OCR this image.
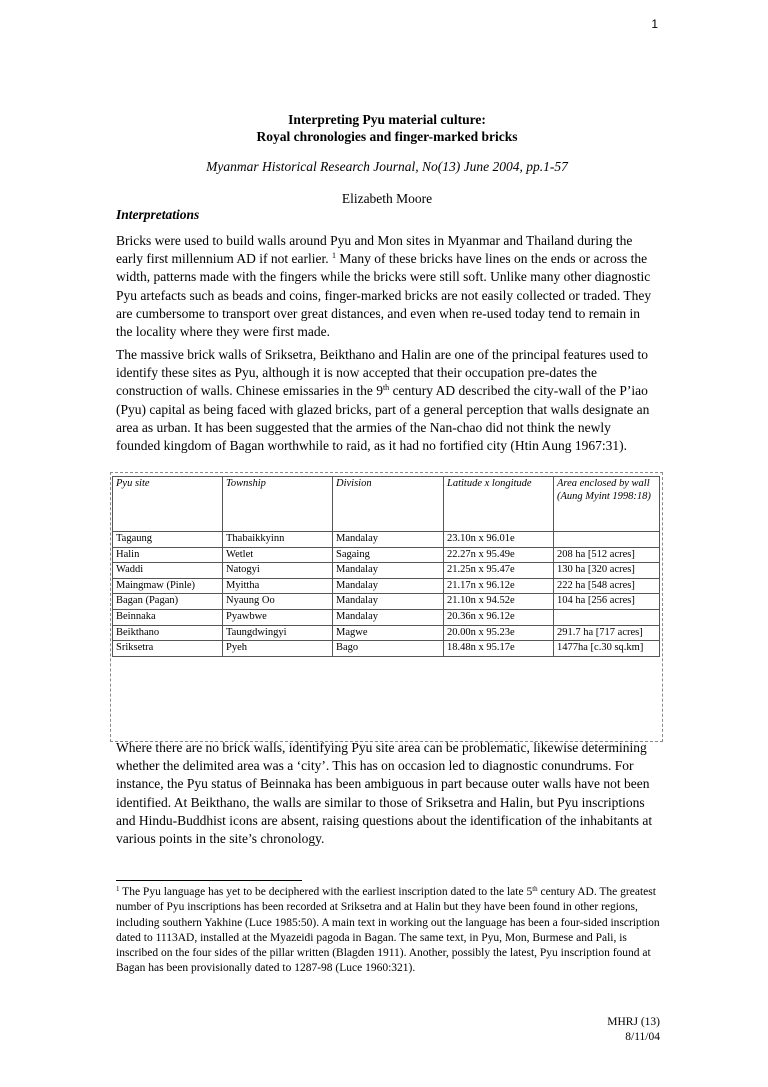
1
Interpreting Pyu material culture:
Royal chronologies and finger-marked bricks
Myanmar Historical Research Journal, No(13) June 2004, pp.1-57
Elizabeth Moore
Interpretations

Bricks were used to build walls around Pyu and Mon sites in Myanmar and Thailand during the early first millennium AD if not earlier. $^1$ Many of these bricks have lines on the ends or across the width, patterns made with the fingers while the bricks were still soft. Unlike many other diagnostic Pyu artefacts such as beads and coins, finger-marked bricks are not easily collected or traded. They are cumbersome to transport over great distances, and even when re-used today tend to remain in the locality where they were first made.

The massive brick walls of Sriksetra, Beikthano and Halin are one of the principal features used to identify these sites as Pyu, although it is now accepted that their occupation pre-dates the construction of walls. Chinese emissaries in the 9th century AD described the city-wall of the P’iao (Pyu) capital as being faced with glazed bricks, part of a general perception that walls designate an area as urban. It has been suggested that the armies of the Nan-chao did not think the newly founded kingdom of Bagan worthwhile to raid, as it had no fortified city (Htin Aung 1967:31).

Pyu site	Township	Division	Latitude x longitude	Area enclosed by wall (Aung Myint 1998:18)
Tagaung	Thabaikkyinn	Mandalay	23.10n x 96.01e	
Halin	Wetlet	Sagaing	22.27n x 95.49e	208 ha [512 acres]
Waddi	Natogyi	Mandalay	21.25n x 95.47e	130 ha [320 acres]
Maingmaw (Pinle)	Myittha	Mandalay	21.17n x 96.12e	222 ha [548 acres]
Bagan (Pagan)	Nyaung Oo	Mandalay	21.10n x 94.52e	104 ha [256 acres]
Beinnaka	Pyawbwe	Mandalay	20.36n x 96.12e	
Beikthano	Taungdwingyi	Magwe	20.00n x 95.23e	291.7 ha [717 acres]
Sriksetra	Pyeh	Bago	18.48n x 95.17e	1477ha [c.30 sq.km]

Where there are no brick walls, identifying Pyu site area can be problematic, likewise determining whether the delimited area was a ‘city’. This has on occasion led to diagnostic conundrums. For instance, the Pyu status of Beinnaka has been ambiguous in part because outer walls have not been identified. At Beikthano, the walls are similar to those of Sriksetra and Halin, but Pyu inscriptions and Hindu-Buddhist icons are absent, raising questions about the identification of the inhabitants at various points in the site’s chronology.

$^1$ The Pyu language has yet to be deciphered with the earliest inscription dated to the late 5th century AD. The greatest number of Pyu inscriptions has been recorded at Sriksetra and at Halin but they have been found in other regions, including southern Yakhine (Luce 1985:50). A main text in working out the language has been a four-sided inscription dated to 1113AD, installed at the Myazeidi pagoda in Bagan. The same text, in Pyu, Mon, Burmese and Pali, is inscribed on the four sides of the pillar written (Blagden 1911). Another, possibly the latest, Pyu inscription found at Bagan has been provisionally dated to 1287-98 (Luce 1960:321).

MHRJ (13)
8/11/04
